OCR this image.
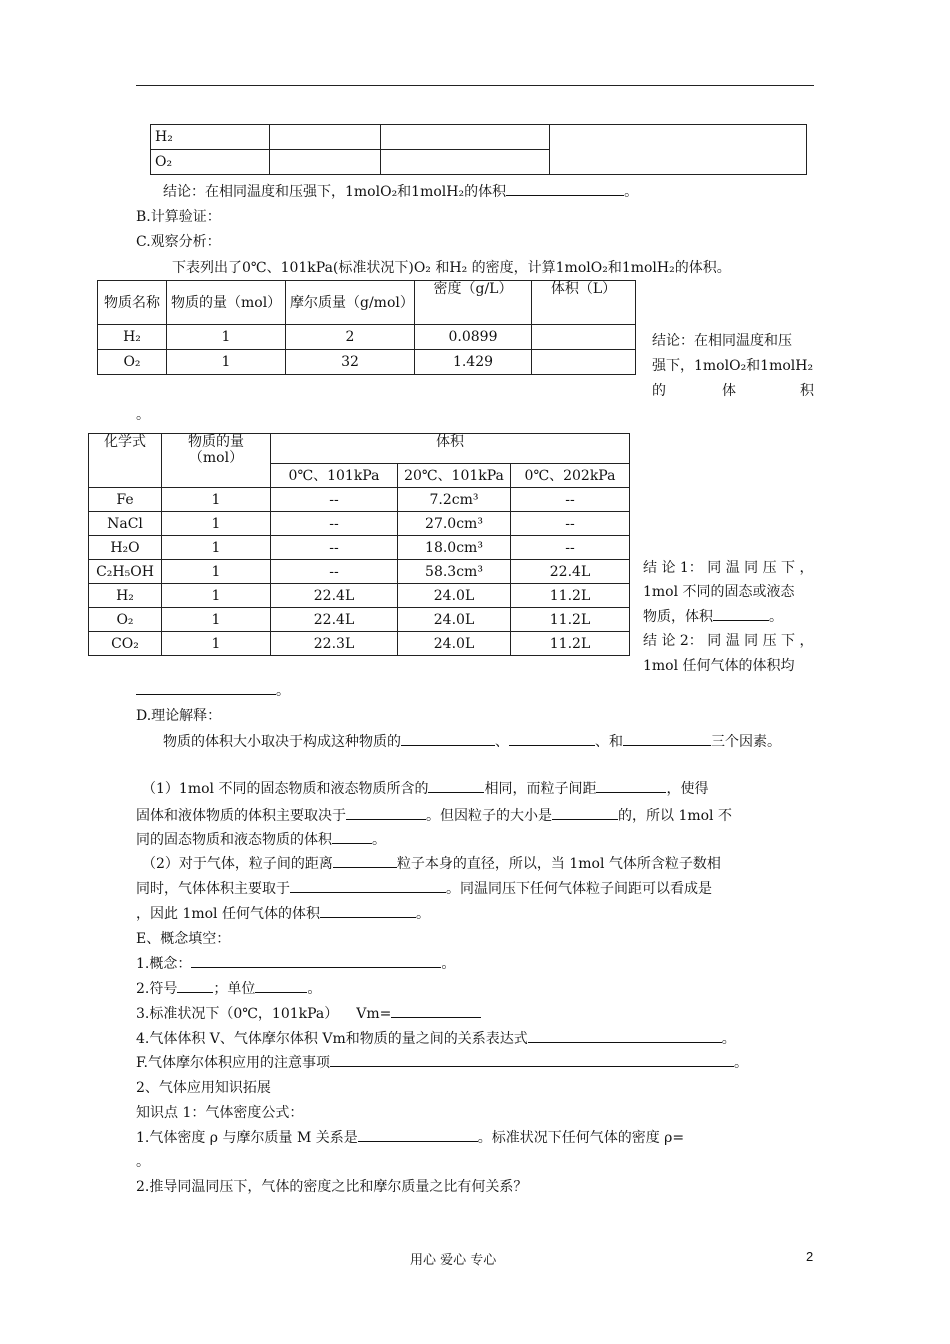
H₂			
O₂			
结论：在相同温度和压强下，1molO₂和1molH₂的体积	。
B.计算验证：
C.观察分析：
下表列出了0℃、101kPa(标准状况下)O₂ 和H₂ 的密度，计算1molO₂和1molH₂的体积。
物质名称	物质的量（mol）	摩尔质量（g/mol）	密度（g/L）	体积（L）
H₂	1	2	0.0899	
O₂	1	32	1.429	
结论：在相同温度和压
强下，1molO₂和1molH₂
的	体	积
。
化学式	物质的量（mol）	体积		
		0℃、101kPa	20℃、101kPa	0℃、202kPa
Fe	1	--	7.2cm³	--
NaCl	1	--	27.0cm³	--
H₂O	1	--	18.0cm³	--
C₂H₅OH	1	--	58.3cm³	22.4L
H₂	1	22.4L	24.0L	11.2L
O₂	1	22.4L	24.0L	11.2L
CO₂	1	22.3L	24.0L	11.2L
结 论 1： 同 温 同 压 下 ，
1mol 不同的固态或液态
物质，体积	。
结 论 2： 同 温 同 压 下 ，
1mol 任何气体的体积均
。
D.理论解释：
物质的体积大小取决于构成这种物质的	、	、和	三个因素。
（1）1mol 不同的固态物质和液态物质所含的	相同，而粒子间距	，使得
固体和液体物质的体积主要取决于	。但因粒子的大小是	的，所以 1mol 不
同的固态物质和液态物质的体积	。
（2）对于气体，粒子间的距离	粒子本身的直径，所以，当 1mol 气体所含粒子数相
同时，气体体积主要取于	。同温同压下任何气体粒子间距可以看成是
，因此 1mol 任何气体的体积	。
E、概念填空：
1.概念：	。
2.符号	；单位	。
3.标准状况下（0℃，101kPa） Vm=
4.气体体积 V、气体摩尔体积 Vm和物质的量之间的关系表达式	。
F.气体摩尔体积应用的注意事项	。
2、气体应用知识拓展
知识点 1：气体密度公式：
1.气体密度 ρ 与摩尔质量 M 关系是	。标准状况下任何气体的密度 ρ=
。
2.推导同温同压下，气体的密度之比和摩尔质量之比有何关系？
用心 爱心 专心	2
